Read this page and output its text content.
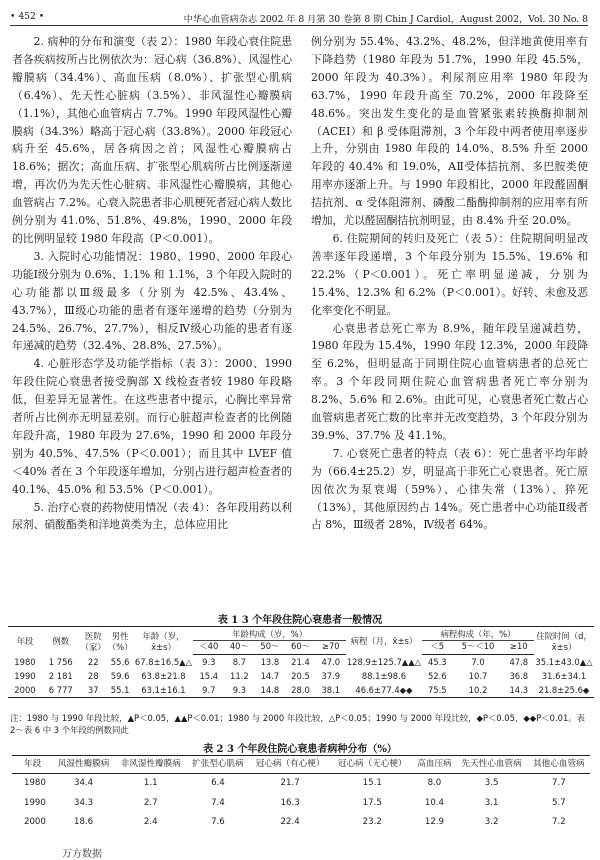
• 452 •	中华心血管病杂志 2002 年 8 月第 30 卷第 8 期 Chin J Cardiol，August 2002，Vol. 30 No. 8

2. 病种的分布和演变（表 2）：1980 年段心衰住院患者各疾病按所占比例依次为：冠心病（36.8%）、风湿性心瓣膜病（34.4%）、高血压病（8.0%）、扩张型心肌病（6.4%）、先天性心脏病（3.5%）、非风湿性心瓣膜病（1.1%），其他心血管病占 7.7%。1990 年段风湿性心瓣膜病（34.3%）略高于冠心病（33.8%）。2000 年段冠心病升至 45.6%，居各病因之首；风湿性心瓣膜病占 18.6%；据次；高血压病、扩张型心肌病所占比例逐渐递增，再次仍为先天性心脏病、非风湿性心瓣膜病，其他心血管病占 7.2%。心衰入院患者非心肌梗死者冠心病人数比例分别为 41.0%、51.8%、49.8%，1990、2000 年段的比例明显较 1980 年段高（P＜0.001）。

3. 入院时心功能情况：1980、1990、2000 年段心功能Ⅰ级分别为 0.6%、1.1% 和 1.1%，3 个年段入院时的心功能都以Ⅲ级最多（分别为 42.5%、43.4%、43.7%），Ⅲ级心功能的患者有逐年递增的趋势（分别为 24.5%、26.7%、27.7%），相反Ⅳ级心功能的患者有逐年递减的趋势（32.4%、28.8%、27.5%）。

4. 心脏形态学及功能学指标（表 3）：2000、1990 年段住院心衰患者接受胸部 X 线检查者较 1980 年段略低，但差异无显著性。在这些患者中提示，心胸比率异常者所占比例亦无明显差别。而行心脏超声检查者的比例随年段升高，1980 年段为 27.6%，1990 和 2000 年段分别为 40.5%、47.5%（P＜0.001）；而且其中 LVEF 值＜40% 者在 3 个年段逐年增加，分别占进行超声检查者的 40.1%、45.0% 和 53.5%（P＜0.001）。

5. 治疗心衰的药物使用情况（表 4）：各年段用药以利尿剂、硝酸酯类和洋地黄类为主，总体应用比

例分别为 55.4%、43.2%、48.2%，但洋地黄使用率有下降趋势（1980 年段为 51.7%，1990 年段 45.5%，2000 年段为 40.3%）。利尿剂应用率 1980 年段为 63.7%，1990 年段升高至 70.2%，2000 年段降至 48.6%。突出发生变化的是血管紧张素转换酶抑制剂（ACEI）和 β 受体阻滞剂，3 个年段中两者使用率逐步上升，分别由 1980 年段的 14.0%、8.5% 升至 2000 年段的 40.4% 和 19.0%，AⅡ受体拮抗剂、多巴胺类使用率亦逐渐上升。与 1990 年段相比，2000 年段醛固酮拮抗剂、α 受体阻滞剂、磷酸二酯酶抑制剂的应用率有所增加，尤以醛固酮拮抗剂明显，由 8.4% 升至 20.0%。

6. 住院期间的转归及死亡（表 5）：住院期间明显改善率逐年段递增，3 个年段分别为 15.5%、19.6% 和 22.2%（P＜0.001）。死亡率明显递减，分别为 15.4%、12.3% 和 6.2%（P＜0.001）。好转、未愈及恶化率变化不明显。

心衰患者总死亡率为 8.9%，随年段呈递减趋势，1980 年段为 15.4%，1990 年段 12.3%，2000 年段降至 6.2%，但明显高于同期住院心血管病患者的总死亡率。3 个年段同期住院心血管病患者死亡率分别为 8.2%、5.6% 和 2.6%。由此可见，心衰患者死亡数占心血管病患者死亡数的比率并无改变趋势，3 个年段分别为 39.9%、37.7% 及 41.1%。

7. 心衰死亡患者的特点（表 6）：死亡患者平均年龄为（66.4±25.2）岁，明显高于非死亡心衰患者。死亡原因依次为泵衰竭（59%）、心律失常（13%）、猝死（13%），其他原因约占 14%。死亡患者中心功能Ⅱ级者占 8%，Ⅲ级者 28%，Ⅳ级者 64%。

表 1 3 个年段住院心衰患者一般情况
年段	例数	医院（家）	男性（%）	年龄（岁，x̄±s）	年龄构成（岁，%）					病程（月，x̄±s）	病程构成（年，%）			住院时间（d，x̄±s）
					＜40	40～	50～	60～	≥70		＜5	5～＜10	≥10	
1980	1 756	22	55.6	67.8±16.5▲△	9.3	8.7	13.8	21.4	47.0	128.9±125.7▲▲△	45.3	7.0	47.8	35.1±43.0▲△
1990	2 181	28	59.6	63.8±21.8	15.4	11.2	14.7	20.5	37.9	88.1±98.6	52.6	10.7	36.8	31.6±34.1
2000	6 777	37	55.1	63.1±16.1	9.7	9.3	14.8	28.0	38.1	46.6±77.4◆◆	75.5	10.2	14.3	21.8±25.6◆
注：1980 与 1990 年段比较，▲P＜0.05，▲▲P＜0.01；1980 与 2000 年段比较，△P＜0.05；1990 与 2000 年段比较，◆P＜0.05，◆◆P＜0.01。表 2～表 6 中 3 个年段的例数同此
表 2 3 个年段住院心衰患者病种分布（%）
年段	风湿性瓣膜病	非风湿性瓣膜病	扩张型心肌病	冠心病（有心梗）	冠心病（无心梗）	高血压病	先天性心血管病	其他心血管病
1980	34.4	1.1	6.4	21.7	15.1	8.0	3.5	7.7
1990	34.3	2.7	7.4	16.3	17.5	10.4	3.1	5.7
2000	18.6	2.4	7.6	22.4	23.2	12.9	3.2	7.2
万方数据
